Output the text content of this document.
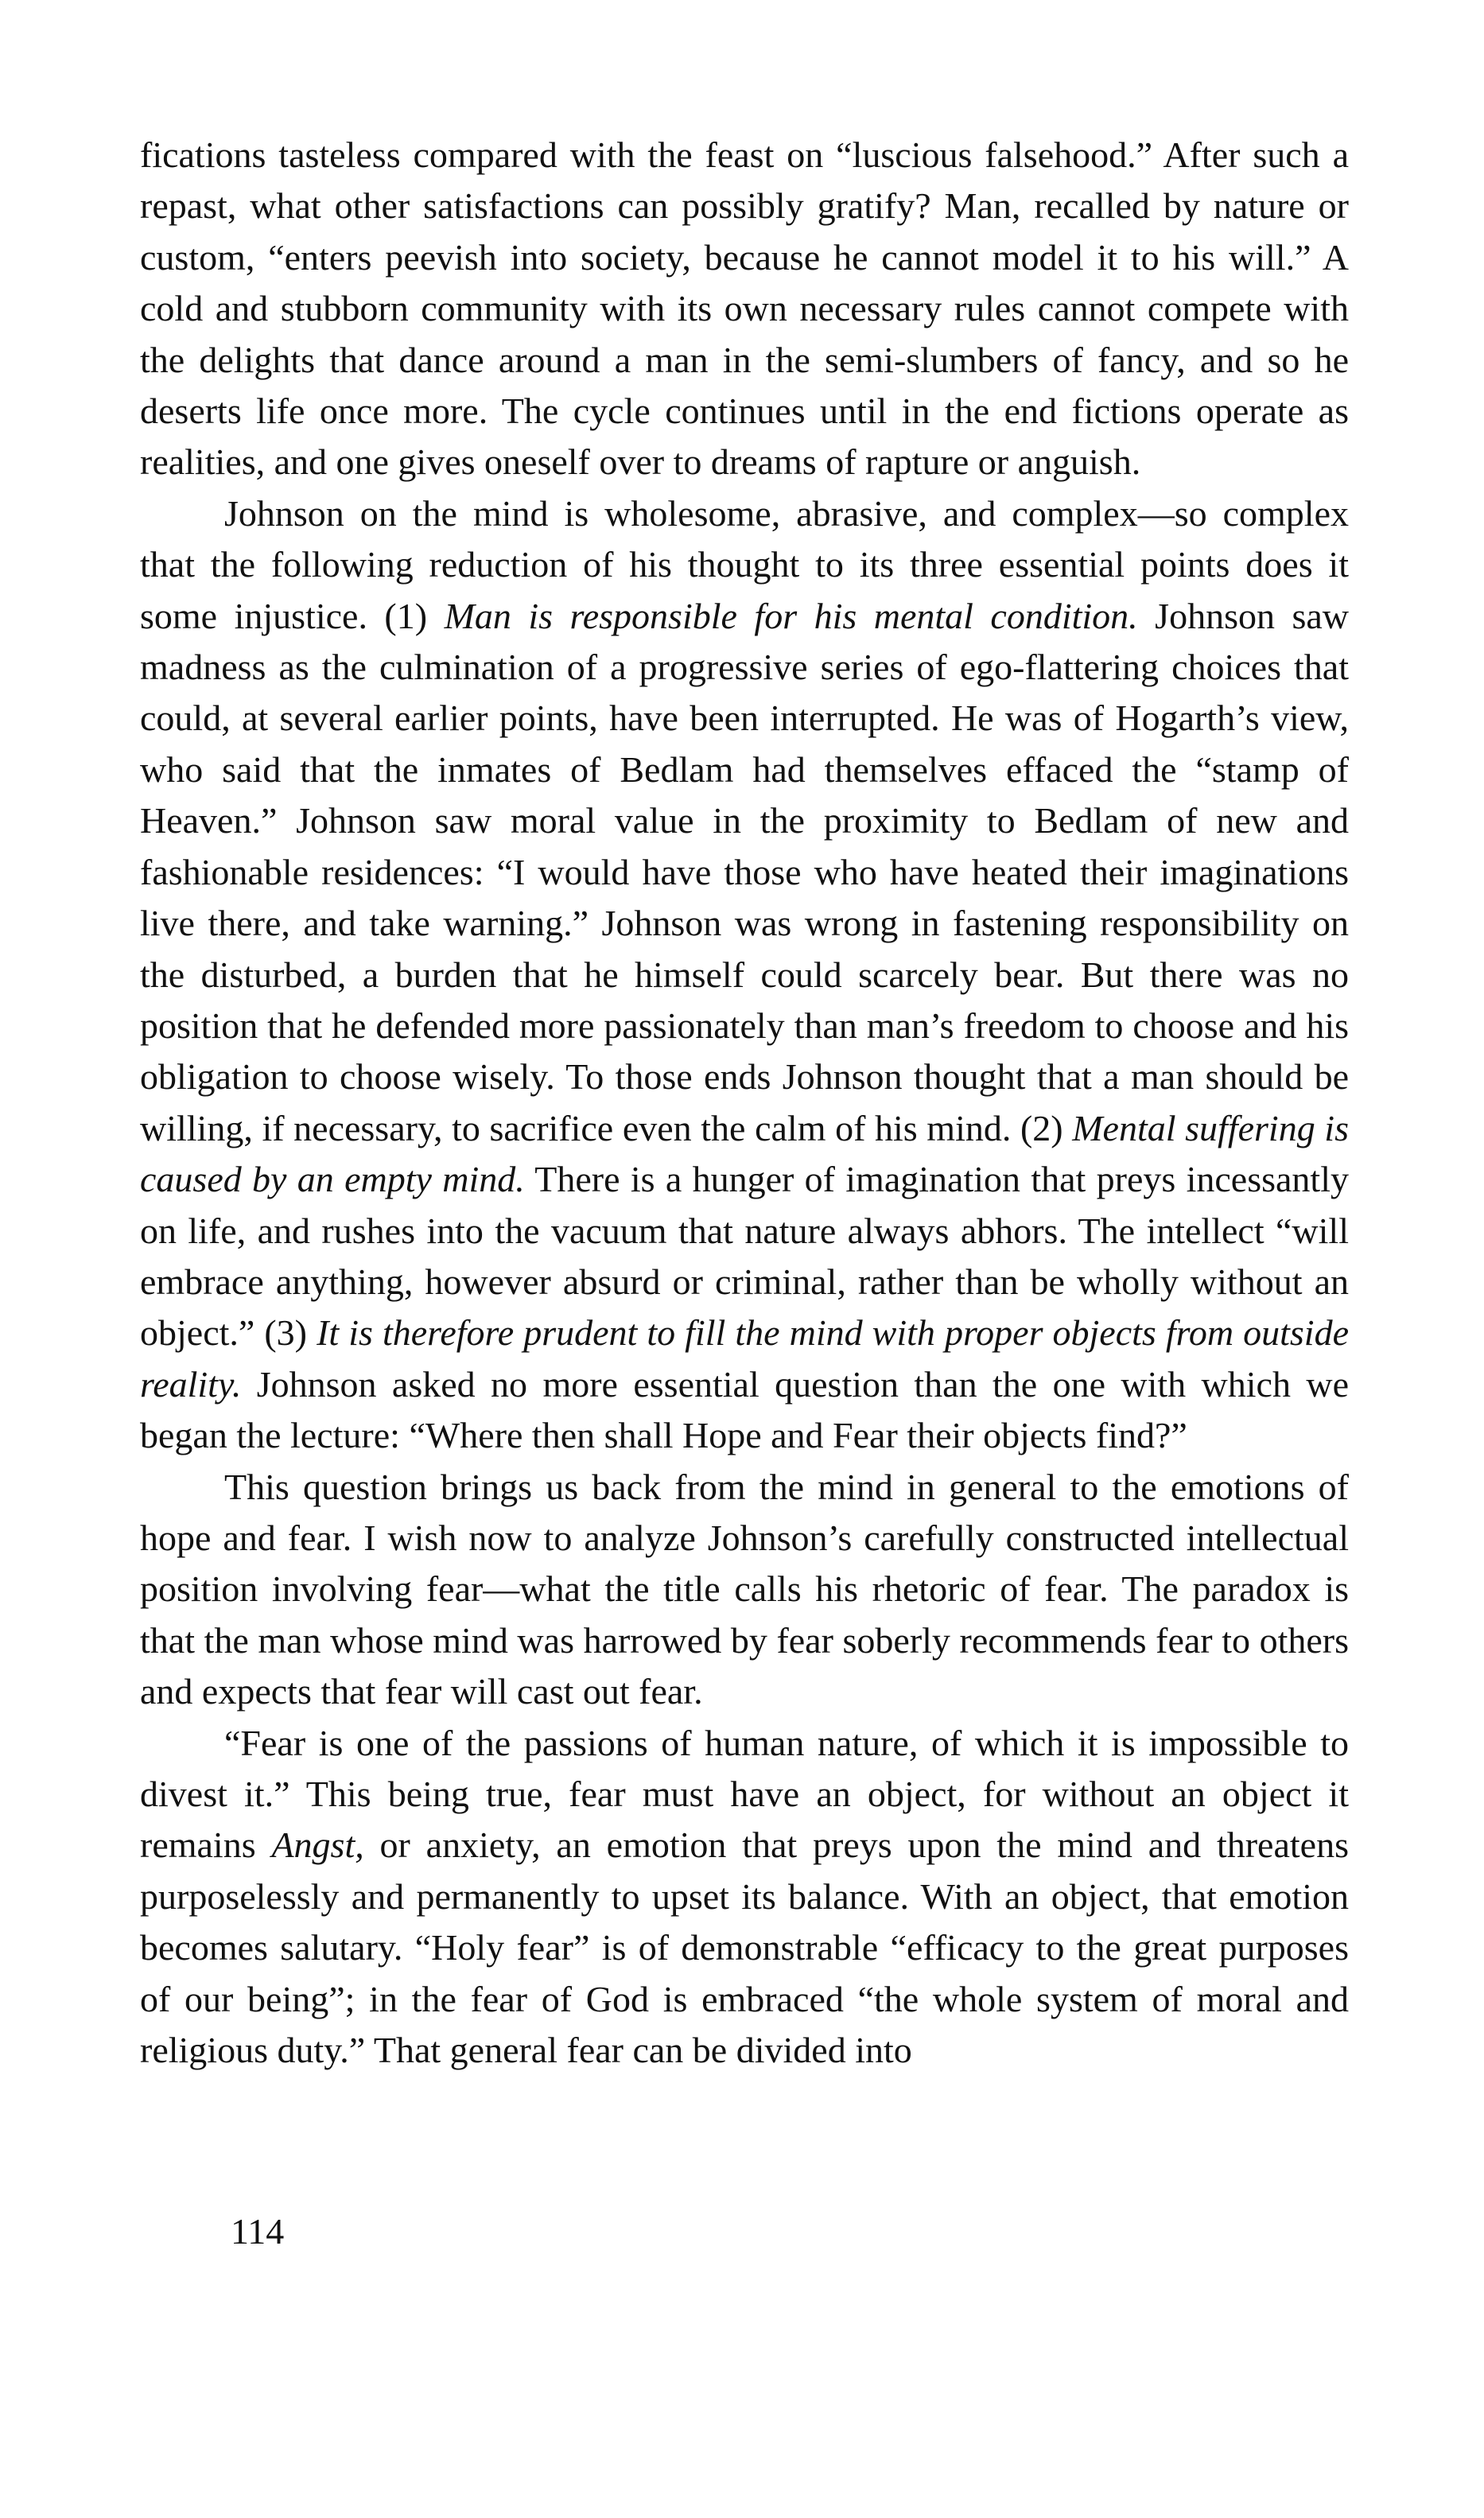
fications tasteless compared with the feast on “luscious falsehood.” After such a repast, what other satisfactions can possibly gratify? Man, recalled by nature or custom, “enters peevish into society, because he cannot model it to his will.” A cold and stubborn community with its own necessary rules cannot compete with the delights that dance around a man in the semi-slumbers of fancy, and so he deserts life once more. The cycle continues until in the end fictions operate as realities, and one gives oneself over to dreams of rapture or anguish.

Johnson on the mind is wholesome, abrasive, and complex—so complex that the following reduction of his thought to its three essential points does it some injustice. (1) Man is responsible for his mental condition. Johnson saw madness as the culmination of a progressive series of ego-flattering choices that could, at several earlier points, have been interrupted. He was of Hogarth’s view, who said that the inmates of Bedlam had themselves effaced the “stamp of Heaven.” Johnson saw moral value in the proximity to Bedlam of new and fashionable residences: “I would have those who have heated their imaginations live there, and take warning.” Johnson was wrong in fastening responsibility on the disturbed, a burden that he himself could scarcely bear. But there was no position that he defended more passionately than man’s freedom to choose and his obligation to choose wisely. To those ends Johnson thought that a man should be willing, if necessary, to sacrifice even the calm of his mind. (2) Mental suffering is caused by an empty mind. There is a hunger of imagination that preys incessantly on life, and rushes into the vacuum that nature always abhors. The intellect “will embrace anything, however absurd or criminal, rather than be wholly without an object.” (3) It is therefore prudent to fill the mind with proper objects from outside reality. Johnson asked no more essential question than the one with which we began the lecture: “Where then shall Hope and Fear their objects find?”

This question brings us back from the mind in general to the emotions of hope and fear. I wish now to analyze Johnson’s carefully constructed intellectual position involving fear—what the title calls his rhetoric of fear. The paradox is that the man whose mind was harrowed by fear soberly recommends fear to others and expects that fear will cast out fear.

“Fear is one of the passions of human nature, of which it is impossible to divest it.” This being true, fear must have an object, for without an object it remains Angst, or anxiety, an emotion that preys upon the mind and threatens purposelessly and permanently to upset its balance. With an object, that emotion becomes salutary. “Holy fear” is of demonstrable “efficacy to the great purposes of our being”; in the fear of God is embraced “the whole system of moral and religious duty.” That general fear can be divided into

114
